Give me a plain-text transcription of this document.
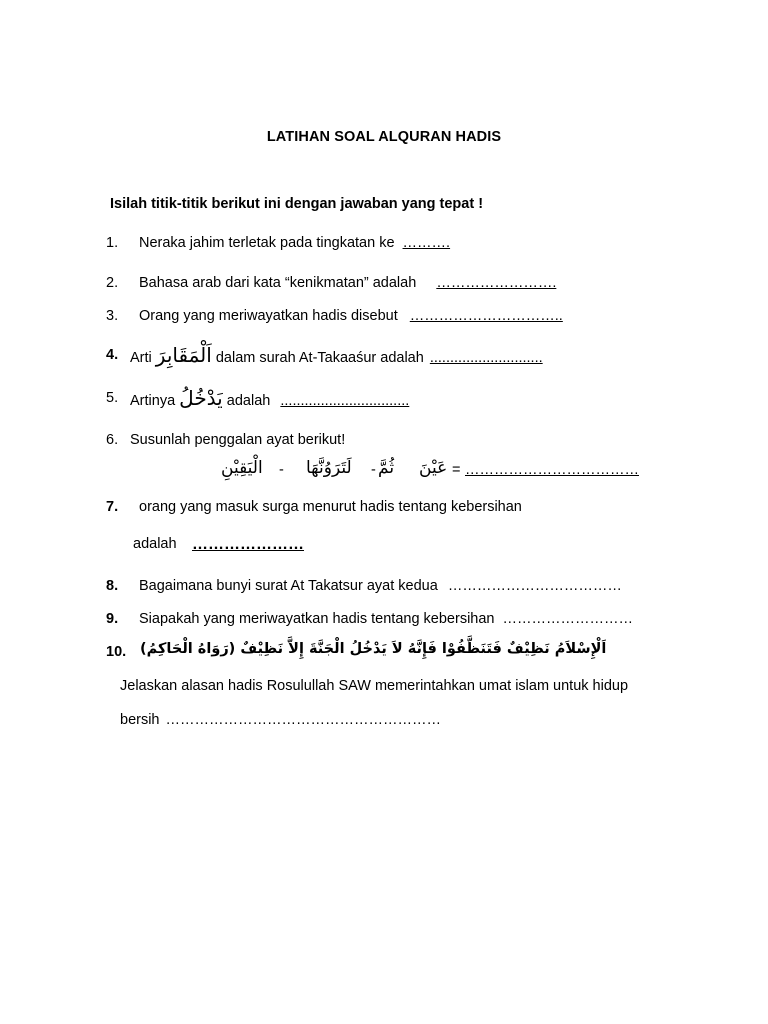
LATIHAN SOAL ALQURAN HADIS
Isilah titik-titik berikut ini dengan jawaban yang tepat !
1. Neraka jahim terletak pada tingkatan ke ……….
2. Bahasa arab dari kata “kenikmatan” adalah …………………….
3. Orang yang meriwayatkan hadis disebut …………………………..
4. Arti اَلْمَقَابِرَ dalam surah At-Takaaśur adalah ............................
5. Artinya يَدْخُلُ adalah ................................
6. Susunlah penggalan ayat berikut!
الْيَقِيْنِ - لَتَرَوُنَّهَا - ثُمَّ عَيْنَ = ………………………………
7. orang yang masuk surga menurut hadis tentang kebersihan
adalah …………………
8. Bagaimana bunyi surat At Takatsur ayat kedua ………………………………
9. Siapakah yang meriwayatkan hadis tentang kebersihan ………………………
10. اَلْإِسْلاَمُ نَظِيْفٌ فَتَنَظَّفُوْا فَإِنَّهُ لاَ يَدْخُلُ الْجَنَّةَ إِلاَّ نَظِيْفٌ (رَوَاهُ الْحَاكِمُ)
Jelaskan alasan hadis Rosulullah SAW memerintahkan umat islam untuk hidup
bersih …………………………………………………
